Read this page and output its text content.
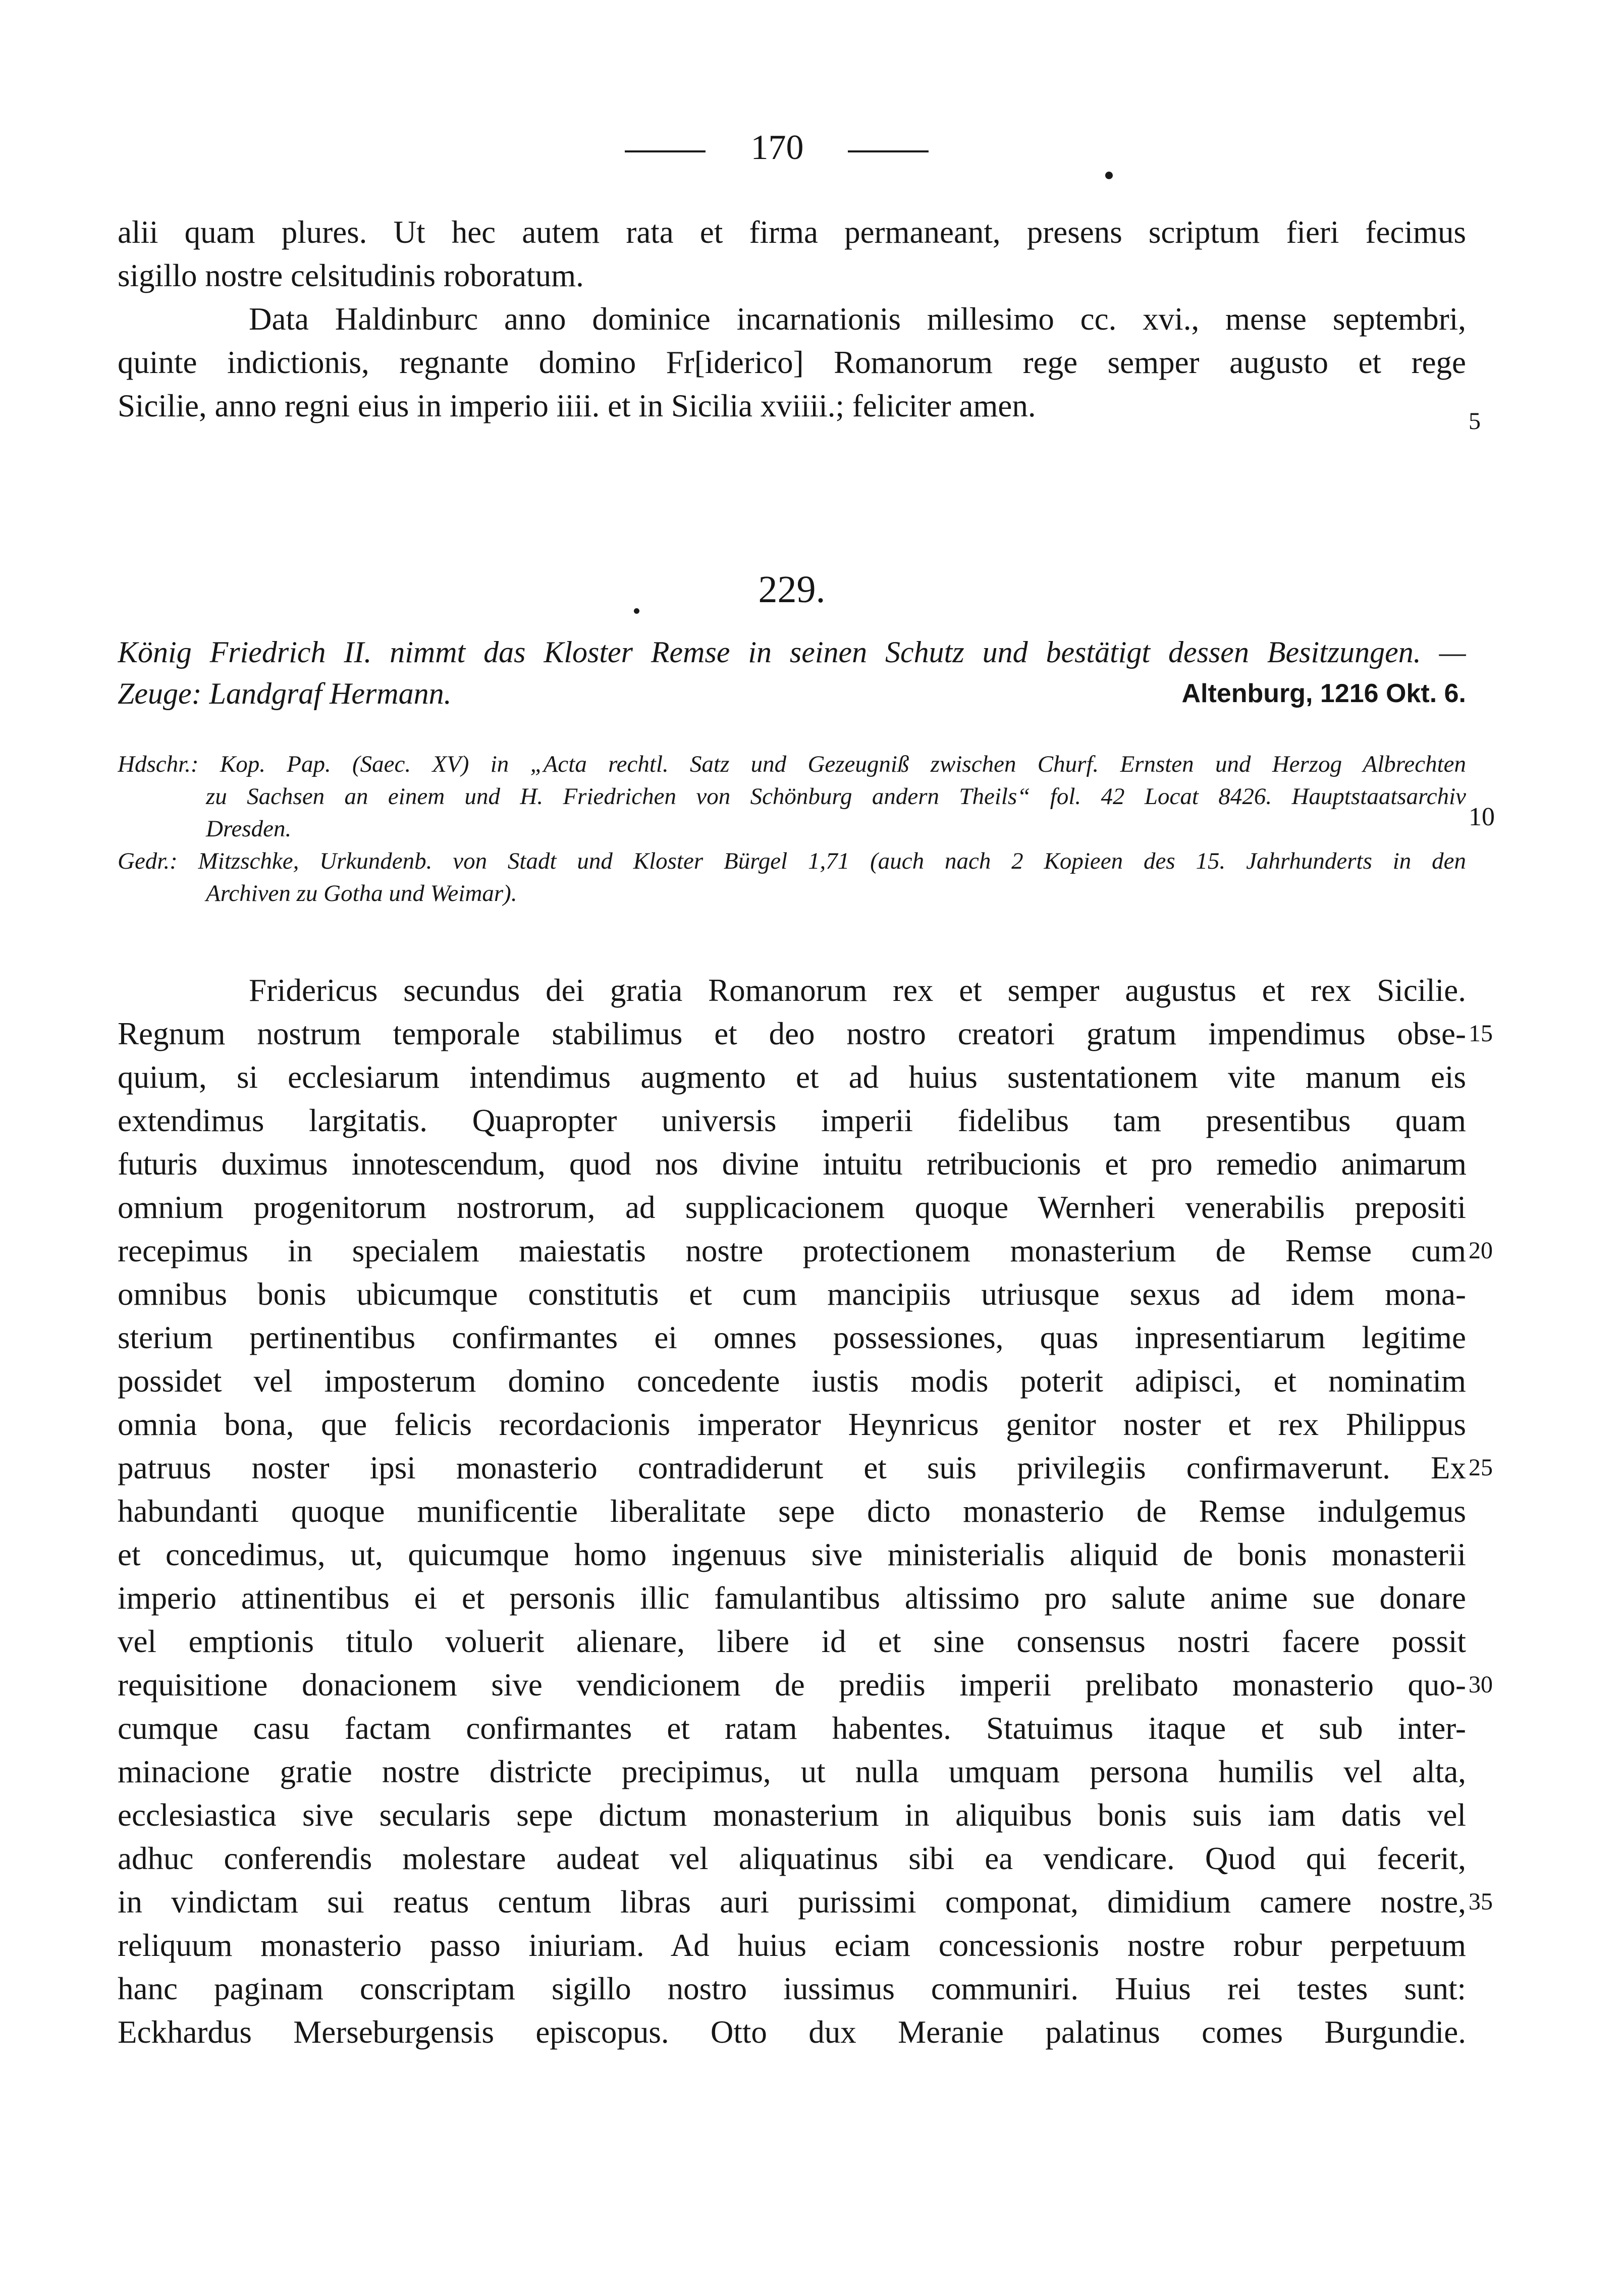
170
alii quam plures. Ut hec autem rata et firma permaneant, presens scriptum fieri fecimus
sigillo nostre celsitudinis roboratum.
Data Haldinburc anno dominice incarnationis millesimo cc. xvi., mense septembri,
quinte indictionis, regnante domino Fr[iderico] Romanorum rege semper augusto et rege
Sicilie, anno regni eius in imperio iiii. et in Sicilia xviiii.; feliciter amen.
229.
König Friedrich II. nimmt das Kloster Remse in seinen Schutz und bestätigt dessen Besitzungen. —
Zeuge: Landgraf Hermann.	Altenburg, 1216 Okt. 6.
Hdschr.: Kop. Pap. (Saec. XV) in „Acta rechtl. Satz und Gezeugniß zwischen Churf. Ernsten und Herzog Albrechten
zu Sachsen an einem und H. Friedrichen von Schönburg andern Theils“ fol. 42 Locat 8426. Hauptstaatsarchiv
Dresden.
Gedr.: Mitzschke, Urkundenb. von Stadt und Kloster Bürgel 1,71 (auch nach 2 Kopieen des 15. Jahrhunderts in den
Archiven zu Gotha und Weimar).
Fridericus secundus dei gratia Romanorum rex et semper augustus et rex Sicilie.
Regnum nostrum temporale stabilimus et deo nostro creatori gratum impendimus obse-
quium, si ecclesiarum intendimus augmento et ad huius sustentationem vite manum eis
extendimus largitatis. Quapropter universis imperii fidelibus tam presentibus quam
futuris duximus innotescendum, quod nos divine intuitu retribucionis et pro remedio animarum
omnium progenitorum nostrorum, ad supplicacionem quoque Wernheri venerabilis prepositi
recepimus in specialem maiestatis nostre protectionem monasterium de Remse cum
omnibus bonis ubicumque constitutis et cum mancipiis utriusque sexus ad idem mona-
sterium pertinentibus confirmantes ei omnes possessiones, quas inpresentiarum legitime
possidet vel imposterum domino concedente iustis modis poterit adipisci, et nominatim
omnia bona, que felicis recordacionis imperator Heynricus genitor noster et rex Philippus
patruus noster ipsi monasterio contradiderunt et suis privilegiis confirmaverunt. Ex
habundanti quoque munificentie liberalitate sepe dicto monasterio de Remse indulgemus
et concedimus, ut, quicumque homo ingenuus sive ministerialis aliquid de bonis monasterii
imperio attinentibus ei et personis illic famulantibus altissimo pro salute anime sue donare
vel emptionis titulo voluerit alienare, libere id et sine consensus nostri facere possit
requisitione donacionem sive vendicionem de prediis imperii prelibato monasterio quo-
cumque casu factam confirmantes et ratam habentes. Statuimus itaque et sub inter-
minacione gratie nostre districte precipimus, ut nulla umquam persona humilis vel alta,
ecclesiastica sive secularis sepe dictum monasterium in aliquibus bonis suis iam datis vel
adhuc conferendis molestare audeat vel aliquatinus sibi ea vendicare. Quod qui fecerit,
in vindictam sui reatus centum libras auri purissimi componat, dimidium camere nostre,
reliquum monasterio passo iniuriam. Ad huius eciam concessionis nostre robur perpetuum
hanc paginam conscriptam sigillo nostro iussimus communiri. Huius rei testes sunt:
Eckhardus Merseburgensis episcopus. Otto dux Meranie palatinus comes Burgundie.
5
10
15
20
25
30
35
